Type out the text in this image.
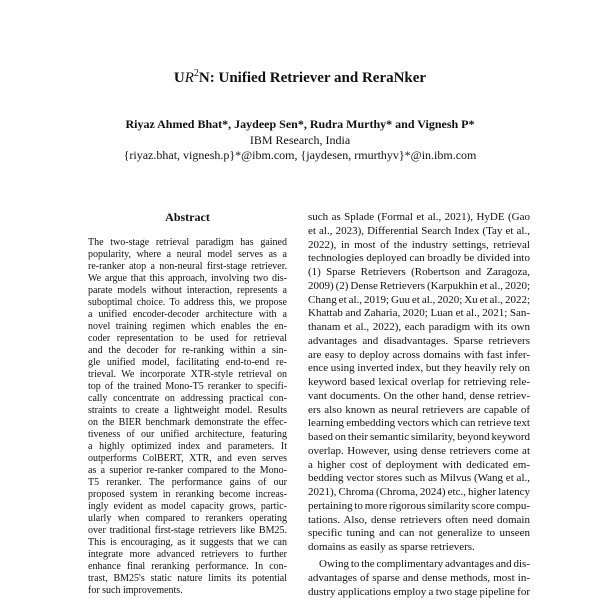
$UR^2N$: Unified Retriever and ReraNker
Riyaz Ahmed Bhat*, Jaydeep Sen*, Rudra Murthy* and Vignesh P*
IBM Research, India
{riyaz.bhat, vignesh.p}*@ibm.com, {jaydesen, rmurthyv}*@in.ibm.com
Abstract
The two-stage retrieval paradigm has gained
popularity, where a neural model serves as a
re-ranker atop a non-neural first-stage retriever.
We argue that this approach, involving two dis-
parate models without interaction, represents a
suboptimal choice. To address this, we propose
a unified encoder-decoder architecture with a
novel training regimen which enables the en-
coder representation to be used for retrieval
and the decoder for re-ranking within a sin-
gle unified model, facilitating end-to-end re-
trieval. We incorporate XTR-style retrieval on
top of the trained Mono-T5 reranker to specifi-
cally concentrate on addressing practical con-
straints to create a lightweight model. Results
on the BIER benchmark demonstrate the effec-
tiveness of our unified architecture, featuring
a highly optimized index and parameters. It
outperforms ColBERT, XTR, and even serves
as a superior re-ranker compared to the Mono-
T5 reranker. The performance gains of our
proposed system in reranking become increas-
ingly evident as model capacity grows, partic-
ularly when compared to rerankers operating
over traditional first-stage retrievers like BM25.
This is encouraging, as it suggests that we can
integrate more advanced retrievers to further
enhance final reranking performance. In con-
trast, BM25's static nature limits its potential
for such improvements.
such as Splade (Formal et al., 2021), HyDE (Gao
et al., 2023), Differential Search Index (Tay et al.,
2022), in most of the industry settings, retrieval
technologies deployed can broadly be divided into
(1) Sparse Retrievers (Robertson and Zaragoza,
2009) (2) Dense Retrievers (Karpukhin et al., 2020;
Chang et al., 2019; Guu et al., 2020; Xu et al., 2022;
Khattab and Zaharia, 2020; Luan et al., 2021; San-
thanam et al., 2022), each paradigm with its own
advantages and disadvantages. Sparse retrievers
are easy to deploy across domains with fast infer-
ence using inverted index, but they heavily rely on
keyword based lexical overlap for retrieving rele-
vant documents. On the other hand, dense retriev-
ers also known as neural retrievers are capable of
learning embedding vectors which can retrieve text
based on their semantic similarity, beyond keyword
overlap. However, using dense retrievers come at
a higher cost of deployment with dedicated em-
bedding vector stores such as Milvus (Wang et al.,
2021), Chroma (Chroma, 2024) etc., higher latency
pertaining to more rigorous similarity score compu-
tations. Also, dense retrievers often need domain
specific tuning and can not generalize to unseen
domains as easily as sparse retrievers.
Owing to the complimentary advantages and dis-
advantages of sparse and dense methods, most in-
dustry applications employ a two stage pipeline for
